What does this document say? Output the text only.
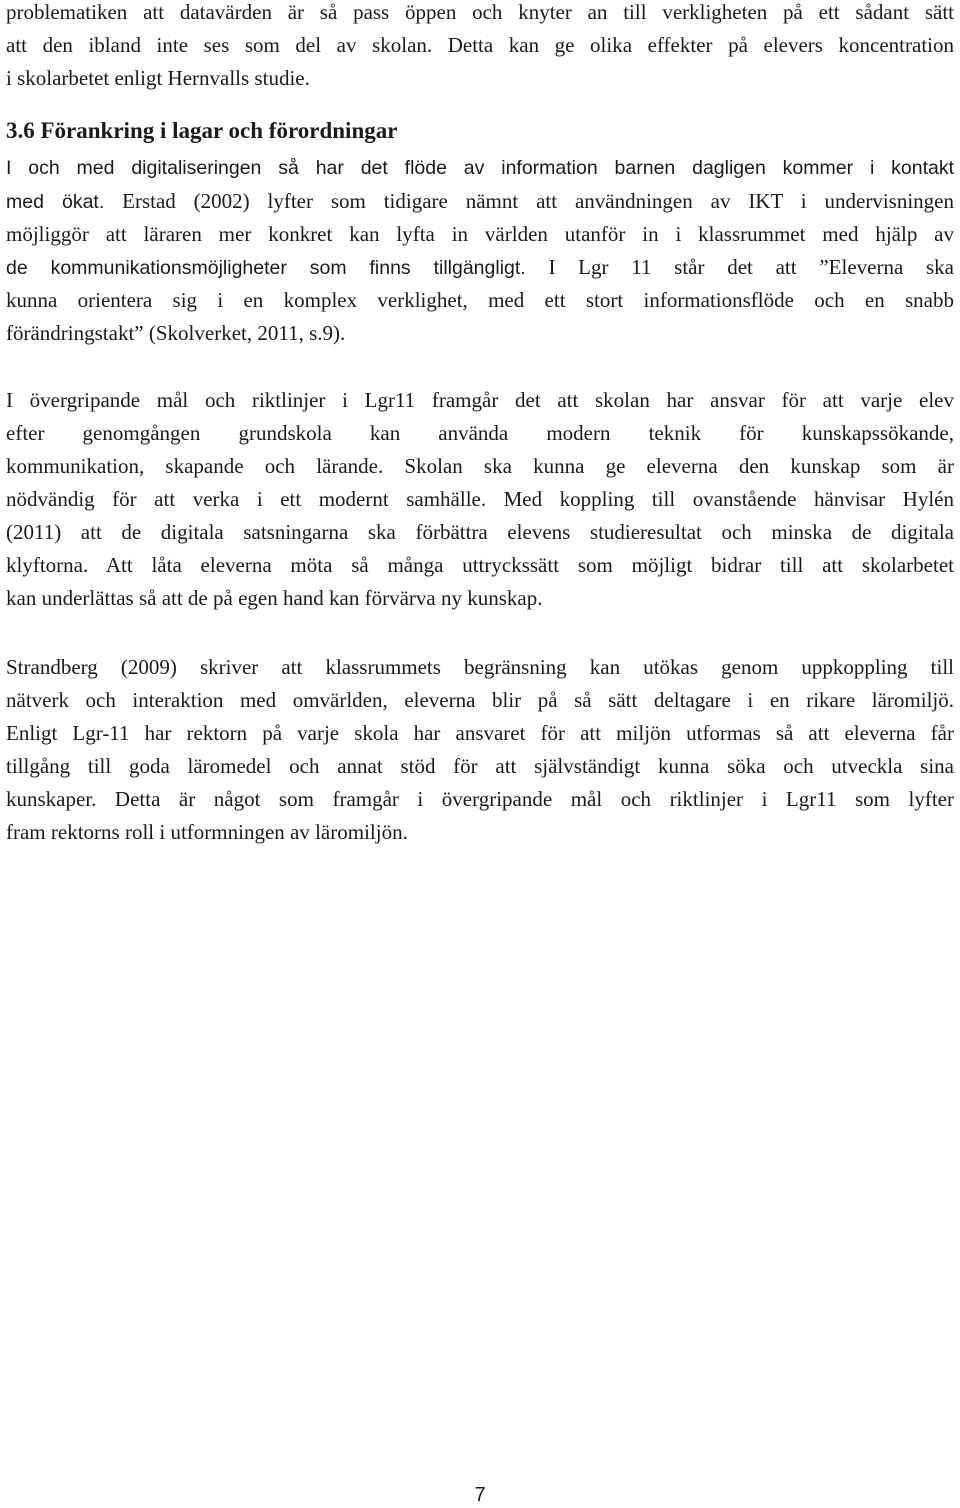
problematiken att datavärden är så pass öppen och knyter an till verkligheten på ett sådant sätt
att den ibland inte ses som del av skolan. Detta kan ge olika effekter på elevers koncentration
i skolarbetet enligt Hernvalls studie.
3.6 Förankring i lagar och förordningar
I och med digitaliseringen så har det flöde av information barnen dagligen kommer i kontakt
med ökat. Erstad (2002) lyfter som tidigare nämnt att användningen av IKT i undervisningen
möjliggör att läraren mer konkret kan lyfta in världen utanför in i klassrummet med hjälp av
de kommunikationsmöjligheter som finns tillgängligt. I Lgr 11 står det att ”Eleverna ska
kunna orientera sig i en komplex verklighet, med ett stort informationsflöde och en snabb
förändringstakt” (Skolverket, 2011, s.9).
I övergripande mål och riktlinjer i Lgr11 framgår det att skolan har ansvar för att varje elev
efter genomgången grundskola kan använda modern teknik för kunskapssökande,
kommunikation, skapande och lärande. Skolan ska kunna ge eleverna den kunskap som är
nödvändig för att verka i ett modernt samhälle. Med koppling till ovanstående hänvisar Hylén
(2011) att de digitala satsningarna ska förbättra elevens studieresultat och minska de digitala
klyftorna. Att låta eleverna möta så många uttryckssätt som möjligt bidrar till att skolarbetet
kan underlättas så att de på egen hand kan förvärva ny kunskap.
Strandberg (2009) skriver att klassrummets begränsning kan utökas genom uppkoppling till
nätverk och interaktion med omvärlden, eleverna blir på så sätt deltagare i en rikare läromiljö.
Enligt Lgr-11 har rektorn på varje skola har ansvaret för att miljön utformas så att eleverna får
tillgång till goda läromedel och annat stöd för att självständigt kunna söka och utveckla sina
kunskaper. Detta är något som framgår i övergripande mål och riktlinjer i Lgr11 som lyfter
fram rektorns roll i utformningen av läromiljön.
7
